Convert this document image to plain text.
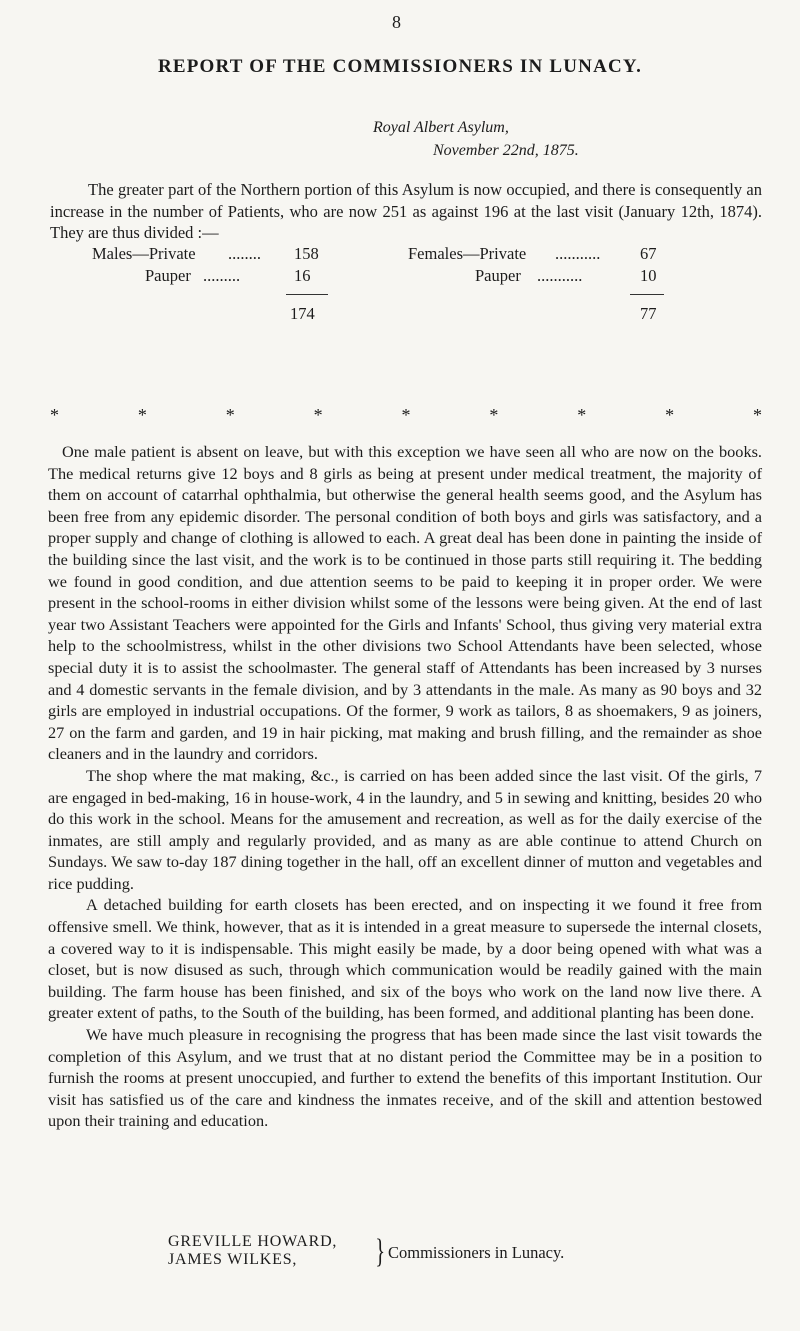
8
REPORT OF THE COMMISSIONERS IN LUNACY.
Royal Albert Asylum,
November 22nd, 1875.

The greater part of the Northern portion of this Asylum is now occupied, and there is consequently an increase in the number of Patients, who are now 251 as against 196 at the last visit (January 12th, 1874). They are thus divided :—

Males—Private ........ 158
Pauper .........	16
174
Females—Private ........... 67
Pauper ...........	10
77
*	*	*	*	*	*	*	*	*

One male patient is absent on leave, but with this exception we have seen all who are now on the books. The medical returns give 12 boys and 8 girls as being at present under medical treatment, the majority of them on account of catarrhal ophthalmia, but otherwise the general health seems good, and the Asylum has been free from any epidemic disorder. The personal condition of both boys and girls was satisfactory, and a proper supply and change of clothing is allowed to each. A great deal has been done in painting the inside of the building since the last visit, and the work is to be continued in those parts still requiring it. The bedding we found in good condition, and due attention seems to be paid to keeping it in proper order. We were present in the school-rooms in either division whilst some of the lessons were being given. At the end of last year two Assistant Teachers were appointed for the Girls and Infants' School, thus giving very material extra help to the schoolmistress, whilst in the other divisions two School Attendants have been selected, whose special duty it is to assist the schoolmaster. The general staff of Attendants has been increased by 3 nurses and 4 domestic servants in the female division, and by 3 attendants in the male. As many as 90 boys and 32 girls are employed in industrial occupations. Of the former, 9 work as tailors, 8 as shoemakers, 9 as joiners, 27 on the farm and garden, and 19 in hair picking, mat making and brush filling, and the remainder as shoe cleaners and in the laundry and corridors.

The shop where the mat making, &c., is carried on has been added since the last visit. Of the girls, 7 are engaged in bed-making, 16 in house-work, 4 in the laundry, and 5 in sewing and knitting, besides 20 who do this work in the school. Means for the amusement and recreation, as well as for the daily exercise of the inmates, are still amply and regularly provided, and as many as are able continue to attend Church on Sundays. We saw to-day 187 dining together in the hall, off an excellent dinner of mutton and vegetables and rice pudding.

A detached building for earth closets has been erected, and on inspecting it we found it free from offensive smell. We think, however, that as it is intended in a great measure to supersede the internal closets, a covered way to it is indispensable. This might easily be made, by a door being opened with what was a closet, but is now disused as such, through which communication would be readily gained with the main building. The farm house has been finished, and six of the boys who work on the land now live there. A greater extent of paths, to the South of the building, has been formed, and additional planting has been done.

We have much pleasure in recognising the progress that has been made since the last visit towards the completion of this Asylum, and we trust that at no distant period the Committee may be in a position to furnish the rooms at present unoccupied, and further to extend the benefits of this important Institution. Our visit has satisfied us of the care and kindness the inmates receive, and of the skill and attention bestowed upon their training and education.

GREVILLE HOWARD,
JAMES WILKES, } Commissioners in Lunacy.
